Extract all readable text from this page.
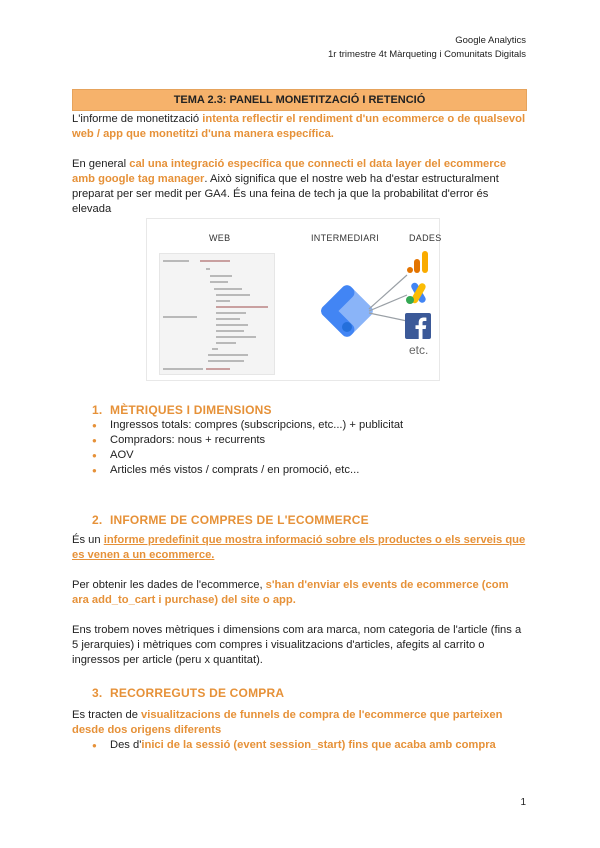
Google Analytics
1r trimestre 4t Màrqueting i Comunitats Digitals
TEMA 2.3: PANELL MONETITZACIÓ I RETENCIÓ
L'informe de monetització intenta reflectir el rendiment d'un ecommerce o de qualsevol web / app que monetitzi d'una manera específica.
En general cal una integració específica que connecti el data layer del ecommerce amb google tag manager. Això significa que el nostre web ha d'estar estructuralment preparat per ser medit per GA4. És una feina de tech ja que la probabilitat d'error és elevada
WEB	INTERMEDIARI	DADES
etc.
1. MÈTRIQUES I DIMENSIONS
● Ingressos totals: compres (subscripcions, etc...) + publicitat
● Compradors: nous + recurrents
● AOV
● Articles més vistos / comprats / en promoció, etc...
2. INFORME DE COMPRES DE L'ECOMMERCE
És un informe predefinit que mostra informació sobre els productes o els serveis que es venen a un ecommerce.
Per obtenir les dades de l'ecommerce, s'han d'enviar els events de ecommerce (com ara add_to_cart i purchase) del site o app.
Ens trobem noves mètriques i dimensions com ara marca, nom categoria de l'article (fins a 5 jerarquies) i mètriques com compres i visualitzacions d'articles, afegits al carrito o ingressos per article (peru x quantitat).
3. RECORREGUTS DE COMPRA
Es tracten de visualitzacions de funnels de compra de l'ecommerce que parteixen desde dos origens diferents
● Des d'inici de la sessió (event session_start) fins que acaba amb compra
1
